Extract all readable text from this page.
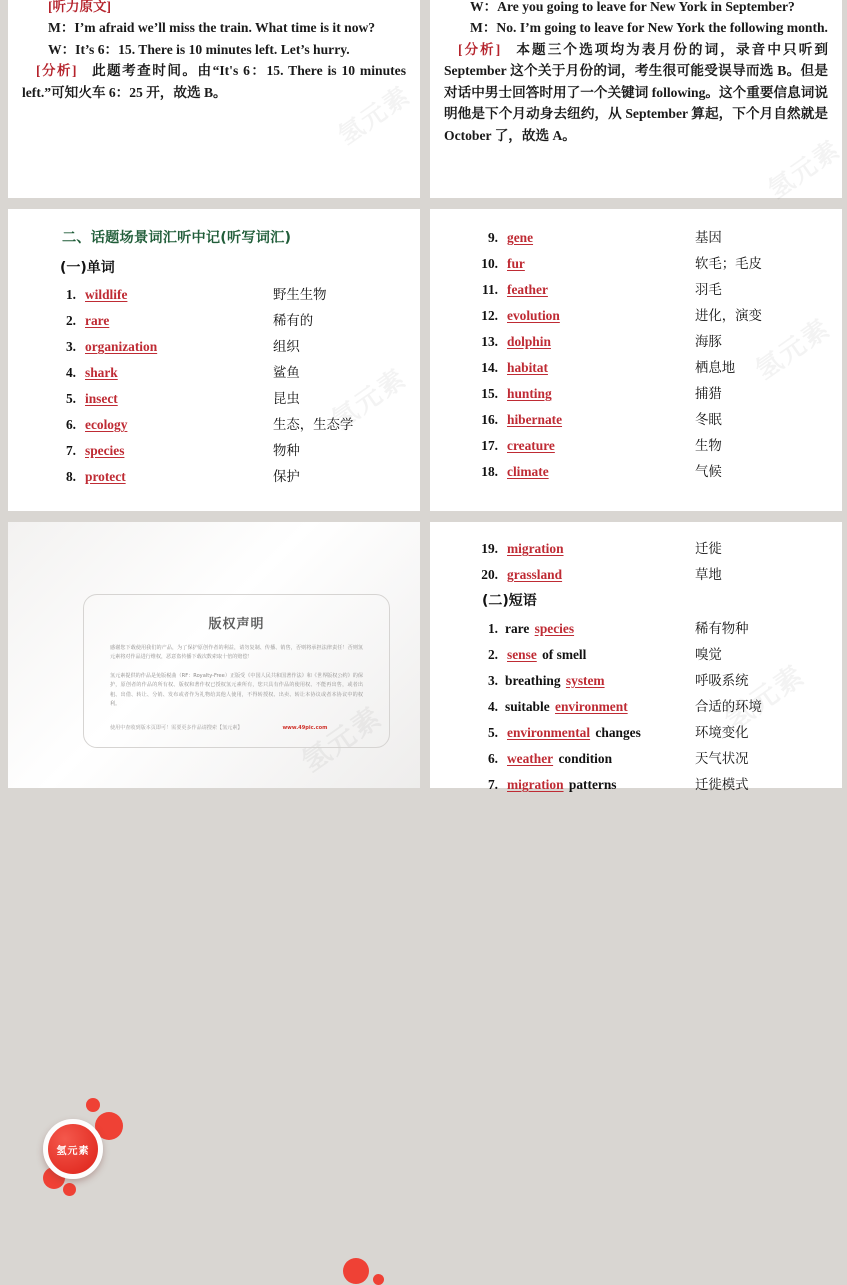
[听力原文]

M：I’m afraid we’ll miss the train. What time is it now?

W：It’s 6：15. There is 10 minutes left. Let’s hurry.

[分析] 此题考查时间。由“It's 6：15. There is 10 minutes left.”可知火车 6：25 开，故选 B。

W：Are you going to leave for New York in September?

M：No. I’m going to leave for New York the following month.

[分析] 本题三个选项均为表月份的词，录音中只听到 September 这个关于月份的词，考生很可能受误导而选 B。但是对话中男士回答时用了一个关键词 following。这个重要信息词说明他是下个月动身去纽约，从 September 算起，下个月自然就是 October 了，故选 A。

二、话题场景词汇听中记(听写词汇)
(一)单词
1. wildlife	野生生物
2. rare	稀有的
3. organization	组织
4. shark	鲨鱼
5. insect	昆虫
6. ecology	生态，生态学
7. species	物种
8. protect	保护
9. gene	基因
10. fur	软毛；毛皮
11. feather	羽毛
12. evolution	进化，演变
13. dolphin	海豚
14. habitat	栖息地
15. hunting	捕猎
16. hibernate	冬眠
17. creature	生物
18. climate	气候
氢元素
版权声明

感谢您下载使用我们的产品，为了保护原创作者的利益，请勿复制、传播、销售，否则将承担法律责任！否则氢元素将对作品进行维权，恶意盗传播下载次数索取十倍的赔偿！

氢元素提供的作品是免版税曲（RF：Royalty-Free）正版受《中国人民共和国著作法》和《世界版权公约》的保护，原创者的作品的所有权、版权和著作权已授权氢元素所有，您只具有作品的使用权、不能再出售，或者出租、出借、转让、分销、发布或者作为礼物给其他人使用，不得转授权、出卖、转让本协议或者本协议中的权利。

使用中查收到版本页即可！需要更多作品请搜索【氢元素】	www.49pic.com
19. migration	迁徙
20. grassland	草地
(二)短语
1. rare species	稀有物种
2. sense of smell	嗅觉
3. breathing system	呼吸系统
4. suitable environment	合适的环境
5. environmental changes	环境变化
6. weather condition	天气状况
7. migration patterns	迁徙模式
